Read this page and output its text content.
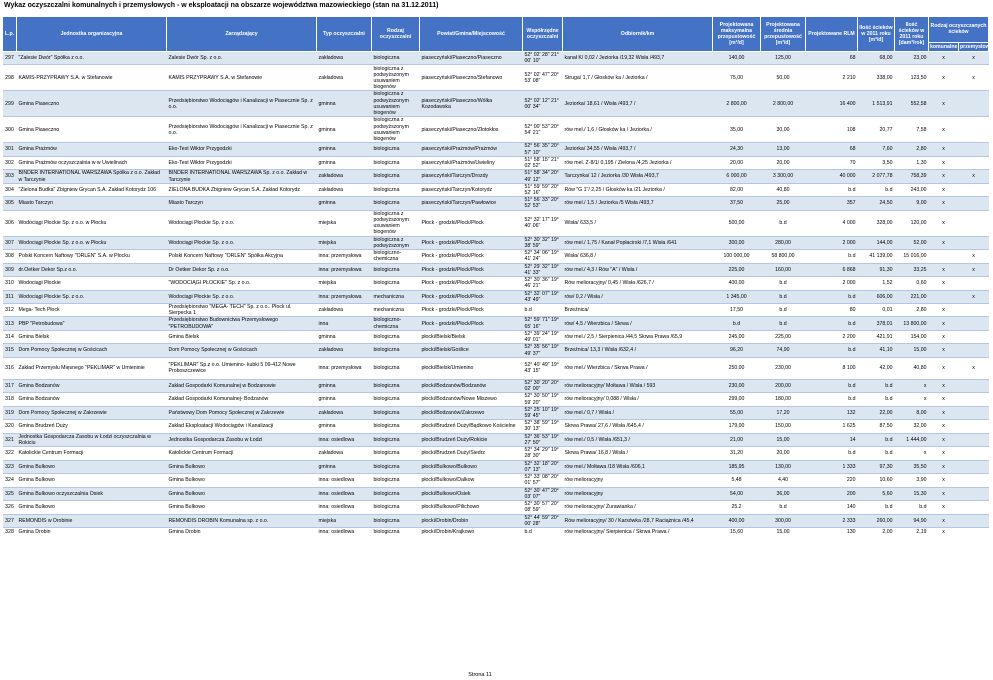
Wykaz oczyszczalni komunalnych i przemysłowych - w eksploatacji na obszarze województwa mazowieckiego (stan na 31.12.2011)
L.p.	Jednostka organizacyjna	Zarządzający	Typ oczyszczalni	Rodzaj oczyszczalni	Powiat/Gmina/Miejscowość	Współrzędne oczyszczalni	Odbiornik/km	Projektowana maksymalna przepustowość [m³/d]	Projektowana średnia przepustowość [m³/d]	Projektowane RLM	Ilość ścieków w 2011 roku [m³/d]	Ilość ścieków w 2011 roku [dam³/rok]	Rodzaj oczyszczanych ścieków	
													komunalne	przemysłowe
297	"Zalesie Dwór" Spółka z o.o.	Zalesie Dwór Sp. z o.o.	zakładowa	biologiczna	piaseczyński/Piaseczno/Piaseczno	52° 02' 28" 21° 00' 10"	kanał K/ 0,02 / Jeziorka /19,32 Wisła /493,7	140,00	125,00	68	68,00	23,00	x	x
298	KAMIS-PRZYPRAWY S.A. w Stefanowie	KAMIS PRZYPRAWY S.A. w Stefanowie	zakładowa	biologiczna z podwyższonym usuwaniem biogenów	piaseczyński/Piaseczno/Stefanowo	52° 02' 47" 20° 53' 08"	Struga/ 1,7 / Głosków ka / Jeziorka /	75,00	50,00	2 210	338,00	123,50	x	x
299	Gmina Piaseczno	Przedsiębiorstwo Wodociągów i Kanalizacji w Piasecznie Sp. z o.o.	gminna	biologiczna z podwyższonym usuwaniem biogenów	piaseczyński/Piaseczno/Wólka Kozodawska	52° 02' 12" 21° 00' 34"	Jeziorka/ 18,61 / Wisła /493,7 /	2 800,00	2 800,00	16 400	1 513,91	552,58	x	
300	Gmina Piaseczno	Przedsiębiorstwo Wodociągów i Kanalizacji w Piasecznie Sp. z o.o.	gminna	biologiczna z podwyższonym usuwaniem biogenów	piaseczyński/Piaseczno/Złotokłos	52° 00' 53" 20° 54' 21"	rów mel./ 1,6 / Głosków ka / Jeziorka /	35,00	30,00	108	20,77	7,58	x	
301	Gmina Prażmów	Eko-Test Wiktor Przygodzki	gminna	biologiczna	piaseczyński/Prażmów/Prażmów	52° 56' 35" 20° 57' 10"	Jeziorka/ 34,55 / Wisła /493,7 /	24,30	13,00	68	7,60	2,80	x	
302	Gmina Prażmów oczyszczalnia w w Uwielinach	Eko-Test Wiktor Przygodzki	gminna	biologiczna	piaseczyński/Prażmów/Uwieliny	51° 58' 15" 21° 02' 52"	rów mel. Z-8/1/ 0,195 / Zielona /4,25 Jeziorka /	20,00	20,00	70	3,50	1,30	x	
303	BINDER INTERNATIONAL WARSZAWA Spółka z o.o. Zakład w Tarczynie	BINDER INTERNATIONAL WARSZAWA Sp. z o.o. Zakład w Tarczynie	zakładowa	biologiczna	piaseczyński/Tarczyn/Drozdy	51° 58' 34" 20° 49' 12"	Tarczynka/ 12 / Jeziorka /30 Wisła /493,7	6 000,00	3 300,00	40 000	2 077,78	758,39	x	x
304	"Zielona Budka" Zbigniew Grycan S.A. Zakład Kotorydz 106	ZIELONA BUDKA Zbigniew Grycan S.A. Zakład Kotorydz	zakładowa	biologiczna	piaseczyński/Tarczyn/Kotorydz	51° 59' 59" 20° 52' 16"	Rów "G 1"/ 2,25 / Głosków ka /21 Jeziorka /	82,00	40,80	b.d	b.d	243,00	x	
305	Miasto Tarczyn	Miasto Tarczyn	gminna	biologiczna	piaseczyński/Tarczyn/Pawłowice	51° 56' 33" 20° 52' 53"	rów mel./ 1,5 / Jeziorka /5 Wisła /493,7	37,50	25,00	357	24,50	9,00	x	
306	Wodociągi Płockie Sp. z o.o. w Płocku	Wodociągi Płockie Sp. z o.o.	miejska	biologiczna z podwyższonym usuwaniem biogenów	Płock - grodzki/Płock/Płock	52° 32' 17" 19° 40' 06"	Wisła/ 633,5 /	500,00	b.d	4 000	328,00	120,00	x	
307	Wodociągi Płockie Sp. z o.o. w Płocku	Wodociągi Płockie Sp. z o.o.	miejska	biologiczna z podwyższonym	Płock - grodzki/Płock/Płock	52° 30' 32" 19° 38' 59"	rów mel./ 1,75 / Kanał Popłacirski /7,1 Wisła /641	300,00	280,00	2 000	144,00	52,00	x	
308	Polski Koncern Naftowy "ORLEN" S.A. w Płocku	Polski Koncern Naftowy "ORLEN" Spółka Akcyjna	inna: przemysłowa	biologiczno-chemiczna	Płock - grodzki/Płock/Płock	52° 34' 06" 19° 41' 24"	Wisła/ 636,8 /	100 000,00	58 800,00	b.d	41 139,00	15 016,00		x
309	dr.Oetker Dekor Sp.z o.o.	Dr Oetker Dekor Sp. z o.o.	inna: przemysłowa	biologiczna	Płock - grodzki/Płock/Płock	52° 29' 32" 19° 41' 33"	rów mel./ 4,3 / Rów "A" / Wisła /	225,00	160,00	6 868	91,30	33,25	x	x
310	Wodociągi Płockie	"WODOCIĄGI PŁOCKIE" Sp. z o.o.	miejska	biologiczna	Płock - grodzki/Płock/Płock	52° 30' 36" 19° 46' 21"	Rów melioracyjny/ 0,45 / Wisła /626,7 /	400,00	b.d	2 000	1,52	0,60	x	
311	Wodociągi Płockie Sp. z o.o.	Wodociągi Płockie Sp. z o.o.	inna: przemysłowa	mechaniczna	Płock - grodzki/Płock/Płock	52° 32' 07" 19° 43' 49"	rów/ 0,2 / Wisła /	1 345,00	b.d	b.d	606,00	221,00		x
312	Mega- Tech Płock	Przedsiębiorstwo "MEGA- TECH" Sp. z o.o.. Płock ul. Sierpecka 1	zakładowa	mechaniczna	Płock - grodzki/Płock/Płock	b.d	Brzeźnica/	17,50	b.d	80	0,01	2,80	x	
313	PBP "Petrobudowa"	Przedsiębiorstwo Budownictwa Przemysłowego "PETROBUDOWA"	inna	biologiczno-chemiczna	Płock - grodzki/Płock/Płock	52° 59' 71" 19° 65' 16"	rów/ 4,5 / Wierzbica / Skrwa /	b.d	b.d	b.d	378,01	13 800,00	x	
314	Gmina Bielsk	Gmina Bielsk	gminna	biologiczna	płocki/Bielsk/Bielsk	52° 39' 24" 19° 49' 01"	rów mel./ 2,5 / Sierpienica /44,5 Skrwa Prawa /65,9	245,00	225,00	2 200	421,91	154,00	x	
315	Dom Pomocy Społecznej w Gościcach	Dom Pomocy Społecznej w Gościcach	zakładowa	biologiczna	płocki/Bielsk/Goślice	52° 35' 56" 19° 49' 37"	Brzeźnica/ 13,3 / Wisła /632,4 /	96,20	74,90	b.d	41,10	15,00	x	
316	Zakład Przemysłu Mięsnego "PEKLIMAR" w Umieniniе	"PEKLIMAR" Sp.z o.o. Umienino- kubki 5 09-412 Nowe Proboszczewice	inna: przemysłowa	biologiczna	płocki/Bielsk/Umienino	52° 40' 49" 19° 43' 15"	rów mel./ Wierzbica / Skrwa Prawa /	250,00	230,00	8 100	42,00	40,80	x	x
317	Gmina Bodzanów	Zakład Gospodarki Komunalnej w Bodzanowie	gminna	biologiczna	płocki/Bodzanów/Bodzanów	52° 30' 20" 20° 02' 00"	rów melioracyjny/ Mołtawa / Wisła / 593	230,00	200,00	b.d	b.d	x	x	
318	Gmina Bodzanów	Zakład Gospodarki Komunalnej- Bodzanów	gminna	biologiczna	płocki/Bodzanów/Nowe Miszewo	52° 30' 50" 19° 59' 20"	rów melioracyjny/ 0,088 / Wisła /	299,00	180,00	b.d	b.d	x	x	
319	Dom Pomocy Społecznej w Zakrzewie	Państwowy Dom Pomocy Społecznej w Zakrzewie	zakładowa	biologiczna	płocki/Bodzanów/Zakrzewo	52° 25' 10" 19° 59' 45"	rów mel./ 0,7 / Wisła /	55,00	17,20	132	22,00	8,00	x	
320	Gmina Brudzeń Duży	Zakład Eksploatacji Wodociągów i Kanalizacji	gminna	biologiczna	płocki/Brudzeń Duży/Bądkowo Kościelne	52° 38' 59" 19° 30' 13"	Skrwa Prawa/ 27,6 / Wisła /645,4 /	179,00	150,00	1 625	87,50	32,00	x	
321	Jednostka Gospodarcza Zasobu w Łodzi oczyszczalnia w Rokiciu	Jednostka Gospodarcza Zasobu w Łodzi	inna: osiedlowa	biologiczna	płocki/Brudzeń Duży/Rokicie	52° 36' 53" 19° 27' 50"	rów mel./ 0,5 / Wisła /651,3 /	21,00	15,00	14	b.d	1 444,00	x	
322	Katolickie Centrum Formacji	Katolickie Centrum Formacji	zakładowa	biologiczna	płocki/Brudzeń Duży/Siedrz	52° 34' 29" 19° 28' 30"	Skrwa Prawa/ 16,8 / Wisła /	31,20	20,00	b.d	b.d	x	x	
323	Gmina Bulkowo	Gmina Bulkowo	gminna	biologiczna	płocki/Bulkowo/Bulkowo	52° 32' 18" 20° 07' 13"	rów mel./ Mołtawa /18 Wisła /606,1	185,95	130,00	1 333	97,30	35,50	x	
324	Gmina Bulkowo	Gmina Bulkowo	inna: osiedlowa	biologiczna	płocki/Bulkowo/Dalkow	52° 33' 08" 20° 01' 57"	rów melioracyjny	5,48	4,40	220	10,60	3,90	x	
325	Gmina Bulkowo oczyszczalnia Osiek	Gmina Bulkowo	inna: osiedlowa	biologiczna	płocki/Bulkowo/Osiek	52° 30' 47" 20° 03' 07"	rów melioracyjny	54,00	36,00	200	5,60	15,30	x	
326	Gmina Bulkowo	Gmina Bulkowo	inna: osiedlowa	biologiczna	płocki/Bulkowo/Pilichowo	52° 30' 57" 20° 08' 59"	rów melioracyjny/ Żurawianka /	25.2	b.d	140	b.d	b.d	x	
327	REMONDIS w Drobinie	REMONDIS DROBIN Komunalna sp. z o.o.	miejska	biologiczna	płocki/Drobin/Drobin	52° 44' 59" 20° 00' 28"	Rów melioracyjny/ 30 / Karsówka /28,7 Raciążnica /45,4	400,00	300,00	2 333	260,00	94,90	x	
328	Gmina Drobin	Gmina Drobin	inna: osiedlowa	biologiczna	płocki/Drobin/Krajkowo	b.d	rów melioracyjny/ Sierpienica / Skrwa Prawa /	15,60	15,00	130	2,00	2,19	x	
Strona 11
